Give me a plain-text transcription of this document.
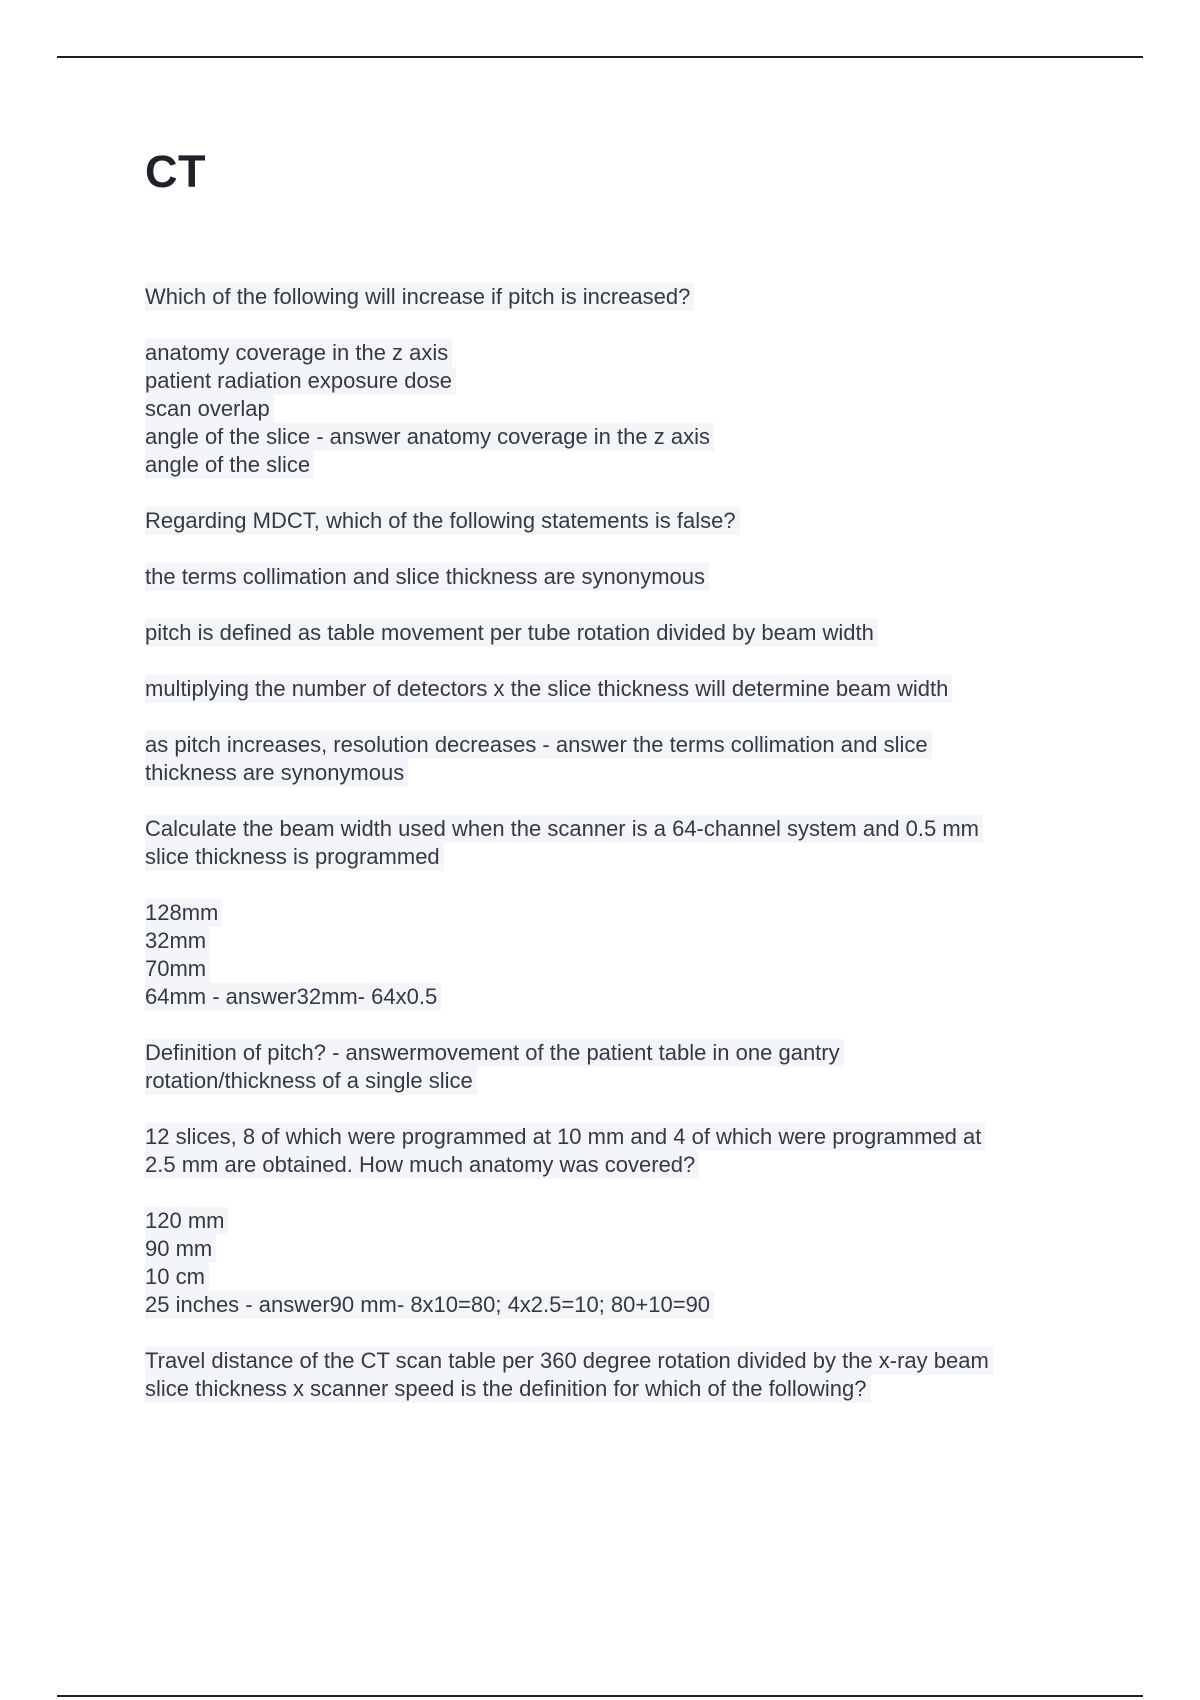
CT
Which of the following will increase if pitch is increased?
anatomy coverage in the z axis
patient radiation exposure dose
scan overlap
angle of the slice - answer anatomy coverage in the z axis
angle of the slice
Regarding MDCT, which of the following statements is false?
the terms collimation and slice thickness are synonymous
pitch is defined as table movement per tube rotation divided by beam width
multiplying the number of detectors x the slice thickness will determine beam width
as pitch increases, resolution decreases - answer the terms collimation and slice
thickness are synonymous
Calculate the beam width used when the scanner is a 64-channel system and 0.5 mm
slice thickness is programmed
128mm
32mm
70mm
64mm - answer32mm- 64x0.5
Definition of pitch? - answermovement of the patient table in one gantry
rotation/thickness of a single slice
12 slices, 8 of which were programmed at 10 mm and 4 of which were programmed at
2.5 mm are obtained. How much anatomy was covered?
120 mm
90 mm
10 cm
25 inches - answer90 mm- 8x10=80; 4x2.5=10; 80+10=90
Travel distance of the CT scan table per 360 degree rotation divided by the x-ray beam
slice thickness x scanner speed is the definition for which of the following?
